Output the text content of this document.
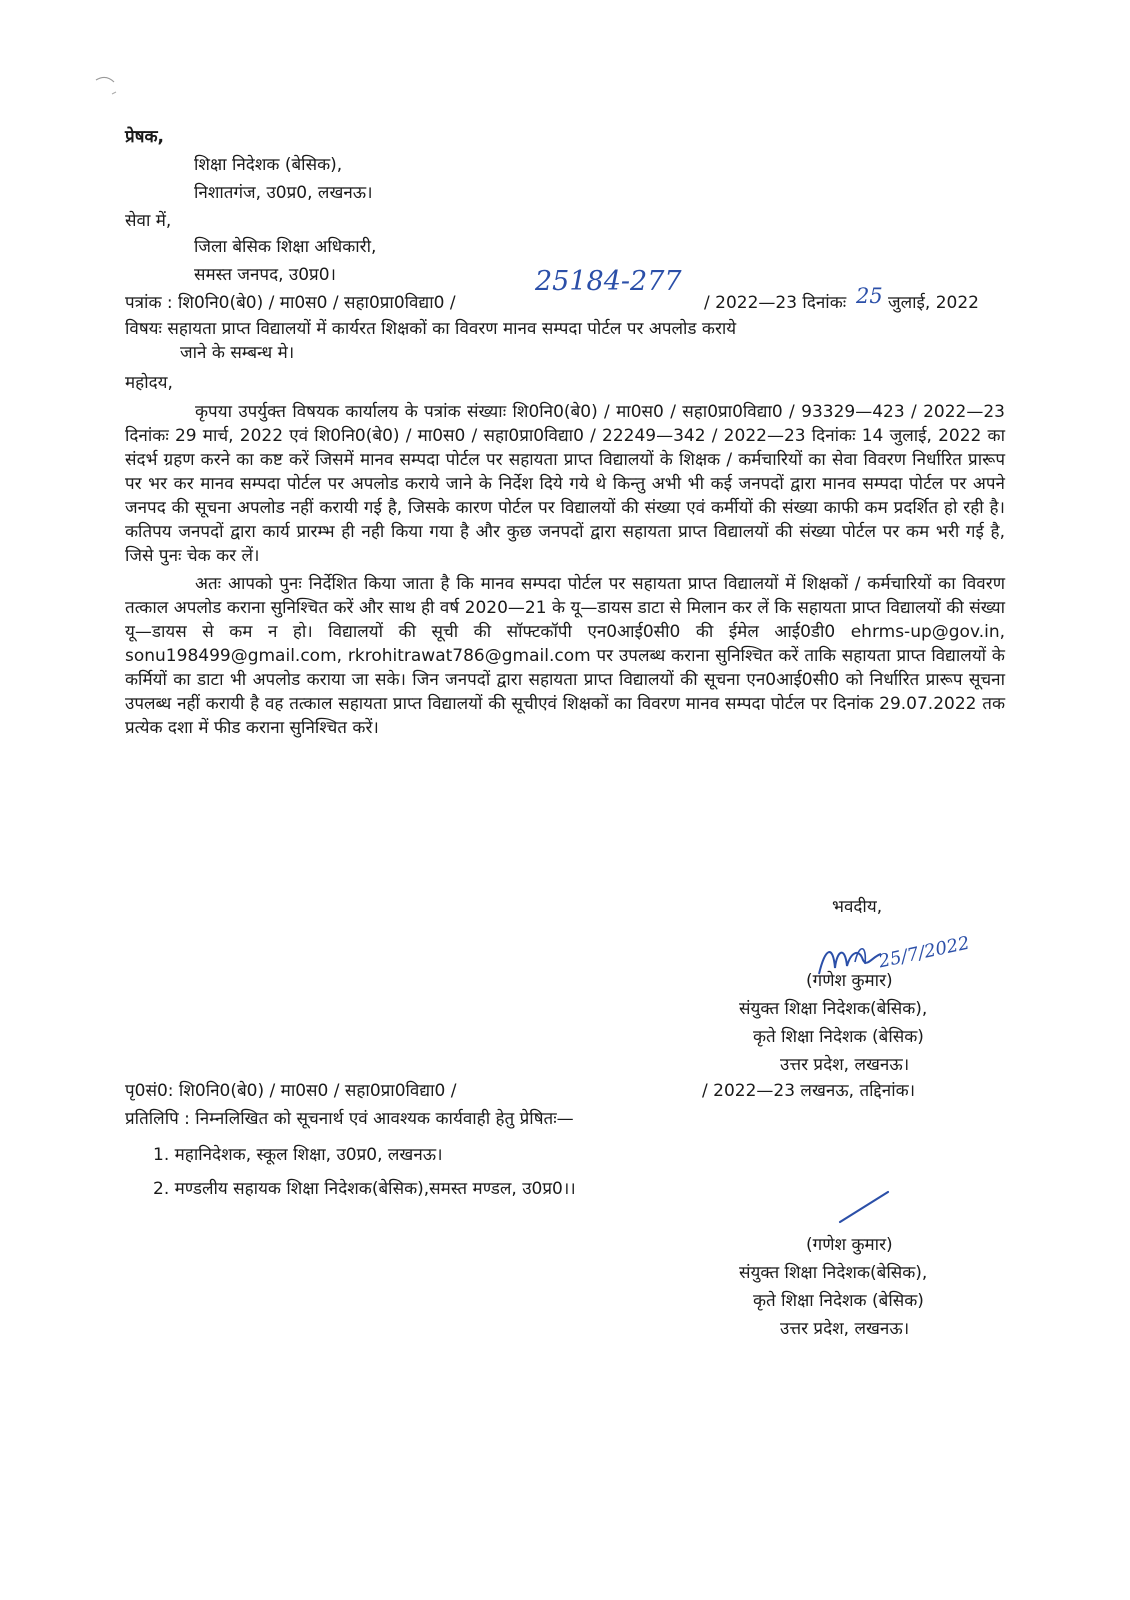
प्रेषक,
शिक्षा निदेशक (बेसिक),
निशातगंज, उ0प्र0, लखनऊ।
सेवा में,
जिला बेसिक शिक्षा अधिकारी,
समस्त जनपद, उ0प्र0।
पत्रांक : शि0नि0(बे0) / मा0स0 / सहा0प्रा0विद्या0 /
25184-277
/ 2022—23 दिनांकः 25 जुलाई, 2022
विषयः सहायता प्राप्त विद्यालयों में कार्यरत शिक्षकों का विवरण मानव सम्पदा पोर्टल पर अपलोड कराये
जाने के सम्बन्ध मे।
महोदय,

कृपया उपर्युक्त विषयक कार्यालय के पत्रांक संख्याः शि0नि0(बे0) / मा0स0 / सहा0प्रा0विद्या0 / 93329—423 / 2022—23 दिनांकः 29 मार्च, 2022 एवं शि0नि0(बे0) / मा0स0 / सहा0प्रा0विद्या0 / 22249—342 / 2022—23 दिनांकः 14 जुलाई, 2022 का संदर्भ ग्रहण करने का कष्ट करें जिसमें मानव सम्पदा पोर्टल पर सहायता प्राप्त विद्यालयों के शिक्षक / कर्मचारियों का सेवा विवरण निर्धारित प्रारूप पर भर कर मानव सम्पदा पोर्टल पर अपलोड कराये जाने के निर्देश दिये गये थे किन्तु अभी भी कई जनपदों द्वारा मानव सम्पदा पोर्टल पर अपने जनपद की सूचना अपलोड नहीं करायी गई है, जिसके कारण पोर्टल पर विद्यालयों की संख्या एवं कर्मीयों की संख्या काफी कम प्रदर्शित हो रही है। कतिपय जनपदों द्वारा कार्य प्रारम्भ ही नही किया गया है और कुछ जनपदों द्वारा सहायता प्राप्त विद्यालयों की संख्या पोर्टल पर कम भरी गई है, जिसे पुनः चेक कर लें।

अतः आपको पुनः निर्देशित किया जाता है कि मानव सम्पदा पोर्टल पर सहायता प्राप्त विद्यालयों में शिक्षकों / कर्मचारियों का विवरण तत्काल अपलोड कराना सुनिश्चित करें और साथ ही वर्ष 2020—21 के यू—डायस डाटा से मिलान कर लें कि सहायता प्राप्त विद्यालयों की संख्या यू—डायस से कम न हो। विद्यालयों की सूची की सॉफ्टकॉपी एन0आई0सी0 की ईमेल आई0डी0 ehrms-up@gov.in, sonu198499@gmail.com, rkrohitrawat786@gmail.com पर उपलब्ध कराना सुनिश्चित करें ताकि सहायता प्राप्त विद्यालयों के कर्मियों का डाटा भी अपलोड कराया जा सके। जिन जनपदों द्वारा सहायता प्राप्त विद्यालयों की सूचना एन0आई0सी0 को निर्धारित प्रारूप सूचना उपलब्ध नहीं करायी है वह तत्काल सहायता प्राप्त विद्यालयों की सूचीएवं शिक्षकों का विवरण मानव सम्पदा पोर्टल पर दिनांक 29.07.2022 तक प्रत्येक दशा में फीड कराना सुनिश्चित करें।

भवदीय,
25/7/2022
(गणेश कुमार)
संयुक्त शिक्षा निदेशक(बेसिक),
कृते शिक्षा निदेशक (बेसिक)
उत्तर प्रदेश, लखनऊ।
पृ0सं0: शि0नि0(बे0) / मा0स0 / सहा0प्रा0विद्या0 /	/ 2022—23 लखनऊ, तद्दिनांक।
प्रतिलिपि : निम्नलिखित को सूचनार्थ एवं आवश्यक कार्यवाही हेतु प्रेषितः—
1. महानिदेशक, स्कूल शिक्षा, उ0प्र0, लखनऊ।
2. मण्डलीय सहायक शिक्षा निदेशक(बेसिक),समस्त मण्डल, उ0प्र0।।
(गणेश कुमार)
संयुक्त शिक्षा निदेशक(बेसिक),
कृते शिक्षा निदेशक (बेसिक)
उत्तर प्रदेश, लखनऊ।
